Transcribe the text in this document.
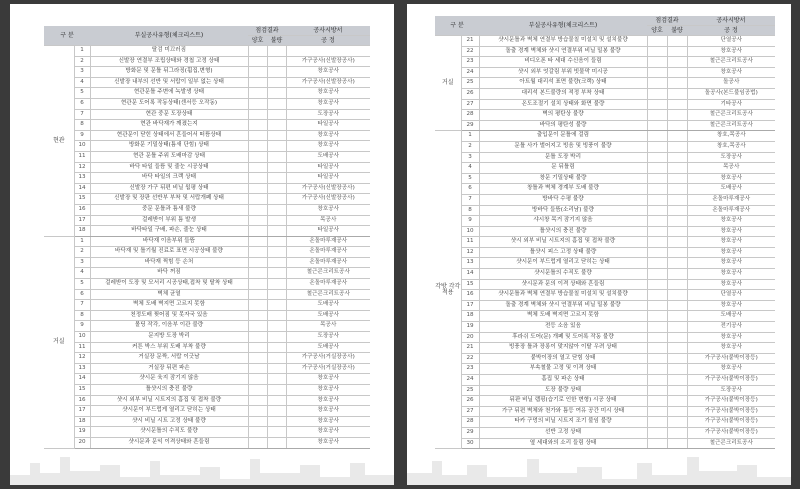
구 분		부실공사유형(체크리스트)	점검결과		공사시방서
			양호	불량	공 정
현관	1	탈검 미끄러짐			
	2	신발장 연결부 조립상태와 경첩 고정 상태			가구공사(신발장공사)
	3	방화문 및 문틀 뒤그라징(휨집,변형)			창호공사
	4	신발장 내부의 선반 및 서랍이 일부 없는 상태			가구공사(신발장공사)
	5	현관문틀 주변에 녹발생 상태			창호공사
	6	현관문 도어록 작동상태(센서등 오작동)			창호공사
	7	현관 중문 도장상태			도장공사
	8	현관 바닥재가 깨졌는지			타일공사
	9	현관문이 닫힌 상태에서 흔들어서 떠뜸상태			창호공사
	10	방화문 기밀상태(틈새 단힘) 상태			창호공사
	11	현관 문틀 주위 도배마감 상태			도배공사
	12	바닥 타일 들뜸 및 줄눈 시공상태			타일공사
	13	바닥 타일의 크랙 상태			타일공사
	14	신발장 가구 뒤편 비닐 웜평 상태			가구공사(신발장공사)
	15	신발장 및 장판 선반부 부착 및 서랍개폐 상태			가구공사(신발장공사)
	16	중문 문틀과 틈새 불량			창호공사
	17	걸레받이 부위 틈 발생			목공사
	18	바닥타일 구배, 파손, 줄눈 상태			타일공사
거실	1	바닥재 이음부위 들뜸			온돌마루재공사
	2	바닥재 및 틀기월 진료로 표면 시공상태 불량			온돌마루재공사
	3	바닥재 찍힘 등 손처			온돌마루재공사
	4	바닥 꺼짐			철근콘크리트공사
	5	걸레받이 도장 및 모서리 시공상태,접착 및 탈착 상태			온돌마루재공사
	6	벽체 균열			철근콘크리트공사
	7	벽체 도배 벽지면 고르지 못함			도배공사
	8	천정도배 찢어짐 및 못자국 있음			도배공사
	9	몰딩 작각, 이음부 이관 불량			목공사
	10	문지방 도장 박리			도장공사
	11	커튼 박스 부위 도배 부착 불량			도배공사
	12	거실장 문짝, 서랍 이긋남			가구공사(거실장공사)
	13	거실장 뒤편 파손			가구공사(거실장공사)
	14	샷시문 육지 잠기지 않음			창호공사
	15	틀샷시의 충진 불량			창호공사
	16	샷시 외부 비닐 시트지의 흠집 및 접착 불량			창호공사
	17	샷시문이 부드럽게 열리고 닫히는 상태			창호공사
	18	샷시 비닐 시트 고정 상태 불량			창호공사
	19	샷시문틀의 수직도 불량			창호공사
	20	샷시문과 문익 이격상태와 흔들림			창호공사
구 분		부실공사유형(체크리스트)	점검결과		공사시방서
			양호	불량	공 정
거실	21	샷시문틀과 벽체 연결부 방습물칠 미설치 및 설치불량			단열공사
	22	돌출 경계 벽체와 샷시 연결부위 비닐 밀봉 불량			창호공사
	23	비디오폰 타 세대 수신음이 들림			철근콘크리트공사
	24	샷시 외부 엇갈림 부위 빗물막 미시공			창호공사
	25	아트월 대리석 표면 불량(크랙) 상태			돌공사
	26	대리석 본드불량의 적정 부착 상태			돌공사(본드불임공법)
	27	온도조절기 설치 상태와 화면 불량			기타공사
	28	벽의 평탄상 불량			철근콘크리트공사
	29	바닥의 평탄성 불량			철근콘크리트공사
각방 각각 적용	1	출입문이 문틀에 걸림			창호,목공사
	2	문틀 사가 벌어지고 빙음 및 빙풍이 불량			창호,목공사
	3	문틀 도장 박리			도장공사
	4	문 뒤틀림			목공사
	5	창문 기밀상태 불량			창호공사
	6	창틀과 벽체 경계부 도배 불량			도배공사
	7	방바닥 수평 불량			온돌마루재공사
	8	방바닥 들뜸(소리남) 불량			온돌마루재공사
	9	샤시창 목거 잠기지 않음			창호공사
	10	틀샷시의 충진 불량			창호공사
	11	샷시 외부 비닐 시트지의 흠집 및 접착 불량			창호공사
	12	틀샷시 피스 고정 상태 불량			창호공사
	13	샷시문이 부드럽게 열리고 닫히는 상태			창호공사
	14	샷시문틀의 수직도 불량			창호공사
	15	샷시문과 문의 이격 상태와 흔들림			창호공사
	16	샷시문틀과 벽체 연결부 방습물칠 미설치 및 설치불량			단열공사
	17	돌출 경계 벽체와 샷시 연결부위 비닐 밀봉 불량			창호공사
	18	벽체 도배 벽지면 고르지 못함			도배공사
	19	전등 소음 있음			전기공사
	20	후라쉬 도어(문) 개폐 및 도어록 작동 불량			창호공사
	21	빙풍장 틀과 장롱이 맞지않아 이탈 우려 상태			창호공사
	22	붙박이장의 열고 닫힘 상태			가구공사(붙박이장등)
	23	부속철물 고정 및 이격 상태			창호공사
	24	흠집 및 파손 상태			가구공사(붙박이장등)
	25	도장 불량 상태			도장공사
	26	뒤판 비닐 랩핑(습기로 인한 변형) 시공 상태			가구공사(붙박이장등)
	27	가구 뒤편 벽체와 천가와 틈등 여유 공간 미시 상태			가구공사(붙박이장등)
	28	타카 구멍의 비닐 시트지 조기 불임 불량			가구공사(붙박이장등)
	29	선반 고정 상태			가구공사(붙박이장등)
	30	옆 세대와의 소리 들림 상태			철근콘크리트공사
